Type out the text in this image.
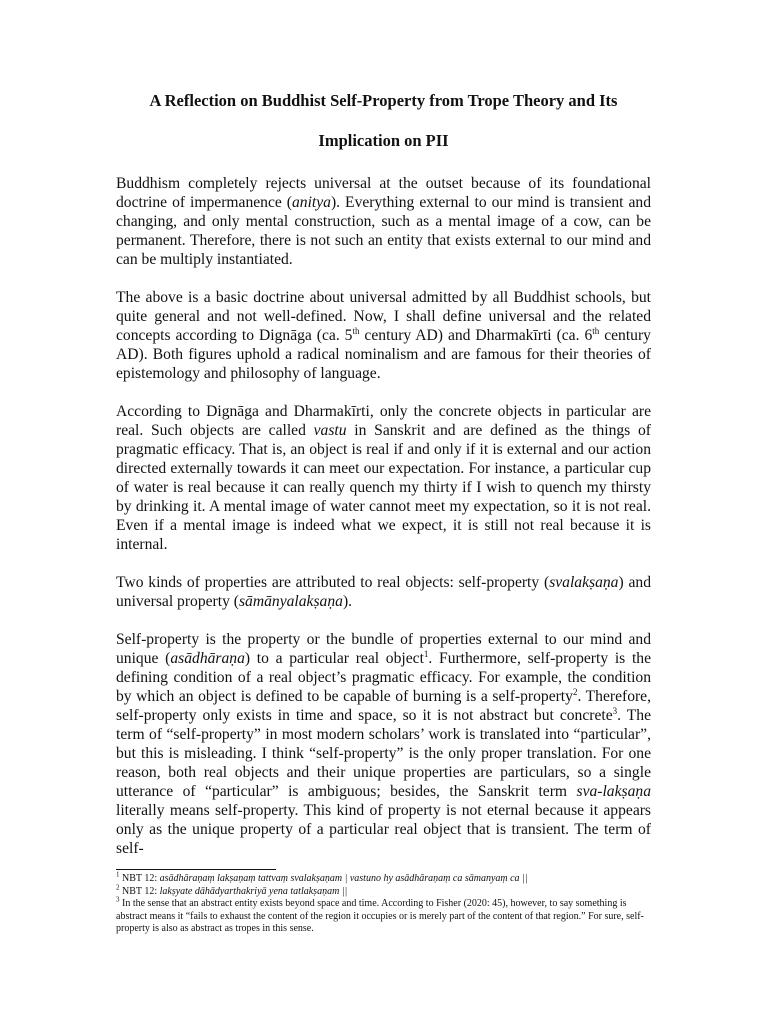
A Reflection on Buddhist Self-Property from Trope Theory and Its

Implication on PII

Buddhism completely rejects universal at the outset because of its foundational doctrine of impermanence (anitya). Everything external to our mind is transient and changing, and only mental construction, such as a mental image of a cow, can be permanent. Therefore, there is not such an entity that exists external to our mind and can be multiply instantiated.

The above is a basic doctrine about universal admitted by all Buddhist schools, but quite general and not well-defined. Now, I shall define universal and the related concepts according to Dignāga (ca. 5th century AD) and Dharmakīrti (ca. 6th century AD). Both figures uphold a radical nominalism and are famous for their theories of epistemology and philosophy of language.

According to Dignāga and Dharmakīrti, only the concrete objects in particular are real. Such objects are called vastu in Sanskrit and are defined as the things of pragmatic efficacy. That is, an object is real if and only if it is external and our action directed externally towards it can meet our expectation. For instance, a particular cup of water is real because it can really quench my thirty if I wish to quench my thirsty by drinking it. A mental image of water cannot meet my expectation, so it is not real. Even if a mental image is indeed what we expect, it is still not real because it is internal.

Two kinds of properties are attributed to real objects: self-property (svalakṣaṇa) and universal property (sāmānyalakṣaṇa).

Self-property is the property or the bundle of properties external to our mind and unique (asādhāraṇa) to a particular real object$^1$. Furthermore, self-property is the defining condition of a real object’s pragmatic efficacy. For example, the condition by which an object is defined to be capable of burning is a self-property$^2$. Therefore, self-property only exists in time and space, so it is not abstract but concrete$^3$. The term of “self-property” in most modern scholars’ work is translated into “particular”, but this is misleading. I think “self-property” is the only proper translation. For one reason, both real objects and their unique properties are particulars, so a single utterance of “particular” is ambiguous; besides, the Sanskrit term sva-lakṣaṇa literally means self-property. This kind of property is not eternal because it appears only as the unique property of a particular real object that is transient. The term of self-

$^1$ NBT 12: asādhāraṇaṃ lakṣaṇaṃ tattvaṃ svalakṣaṇam | vastuno hy asādhāraṇaṃ ca sāmanyaṃ ca ||

$^2$ NBT 12: lakṣyate dāhādyarthakriyā yena tatlakṣaṇam ||

$^3$ In the sense that an abstract entity exists beyond space and time. According to Fisher (2020: 45), however, to say something is abstract means it “fails to exhaust the content of the region it occupies or is merely part of the content of that region.” For sure, self-property is also as abstract as tropes in this sense.
